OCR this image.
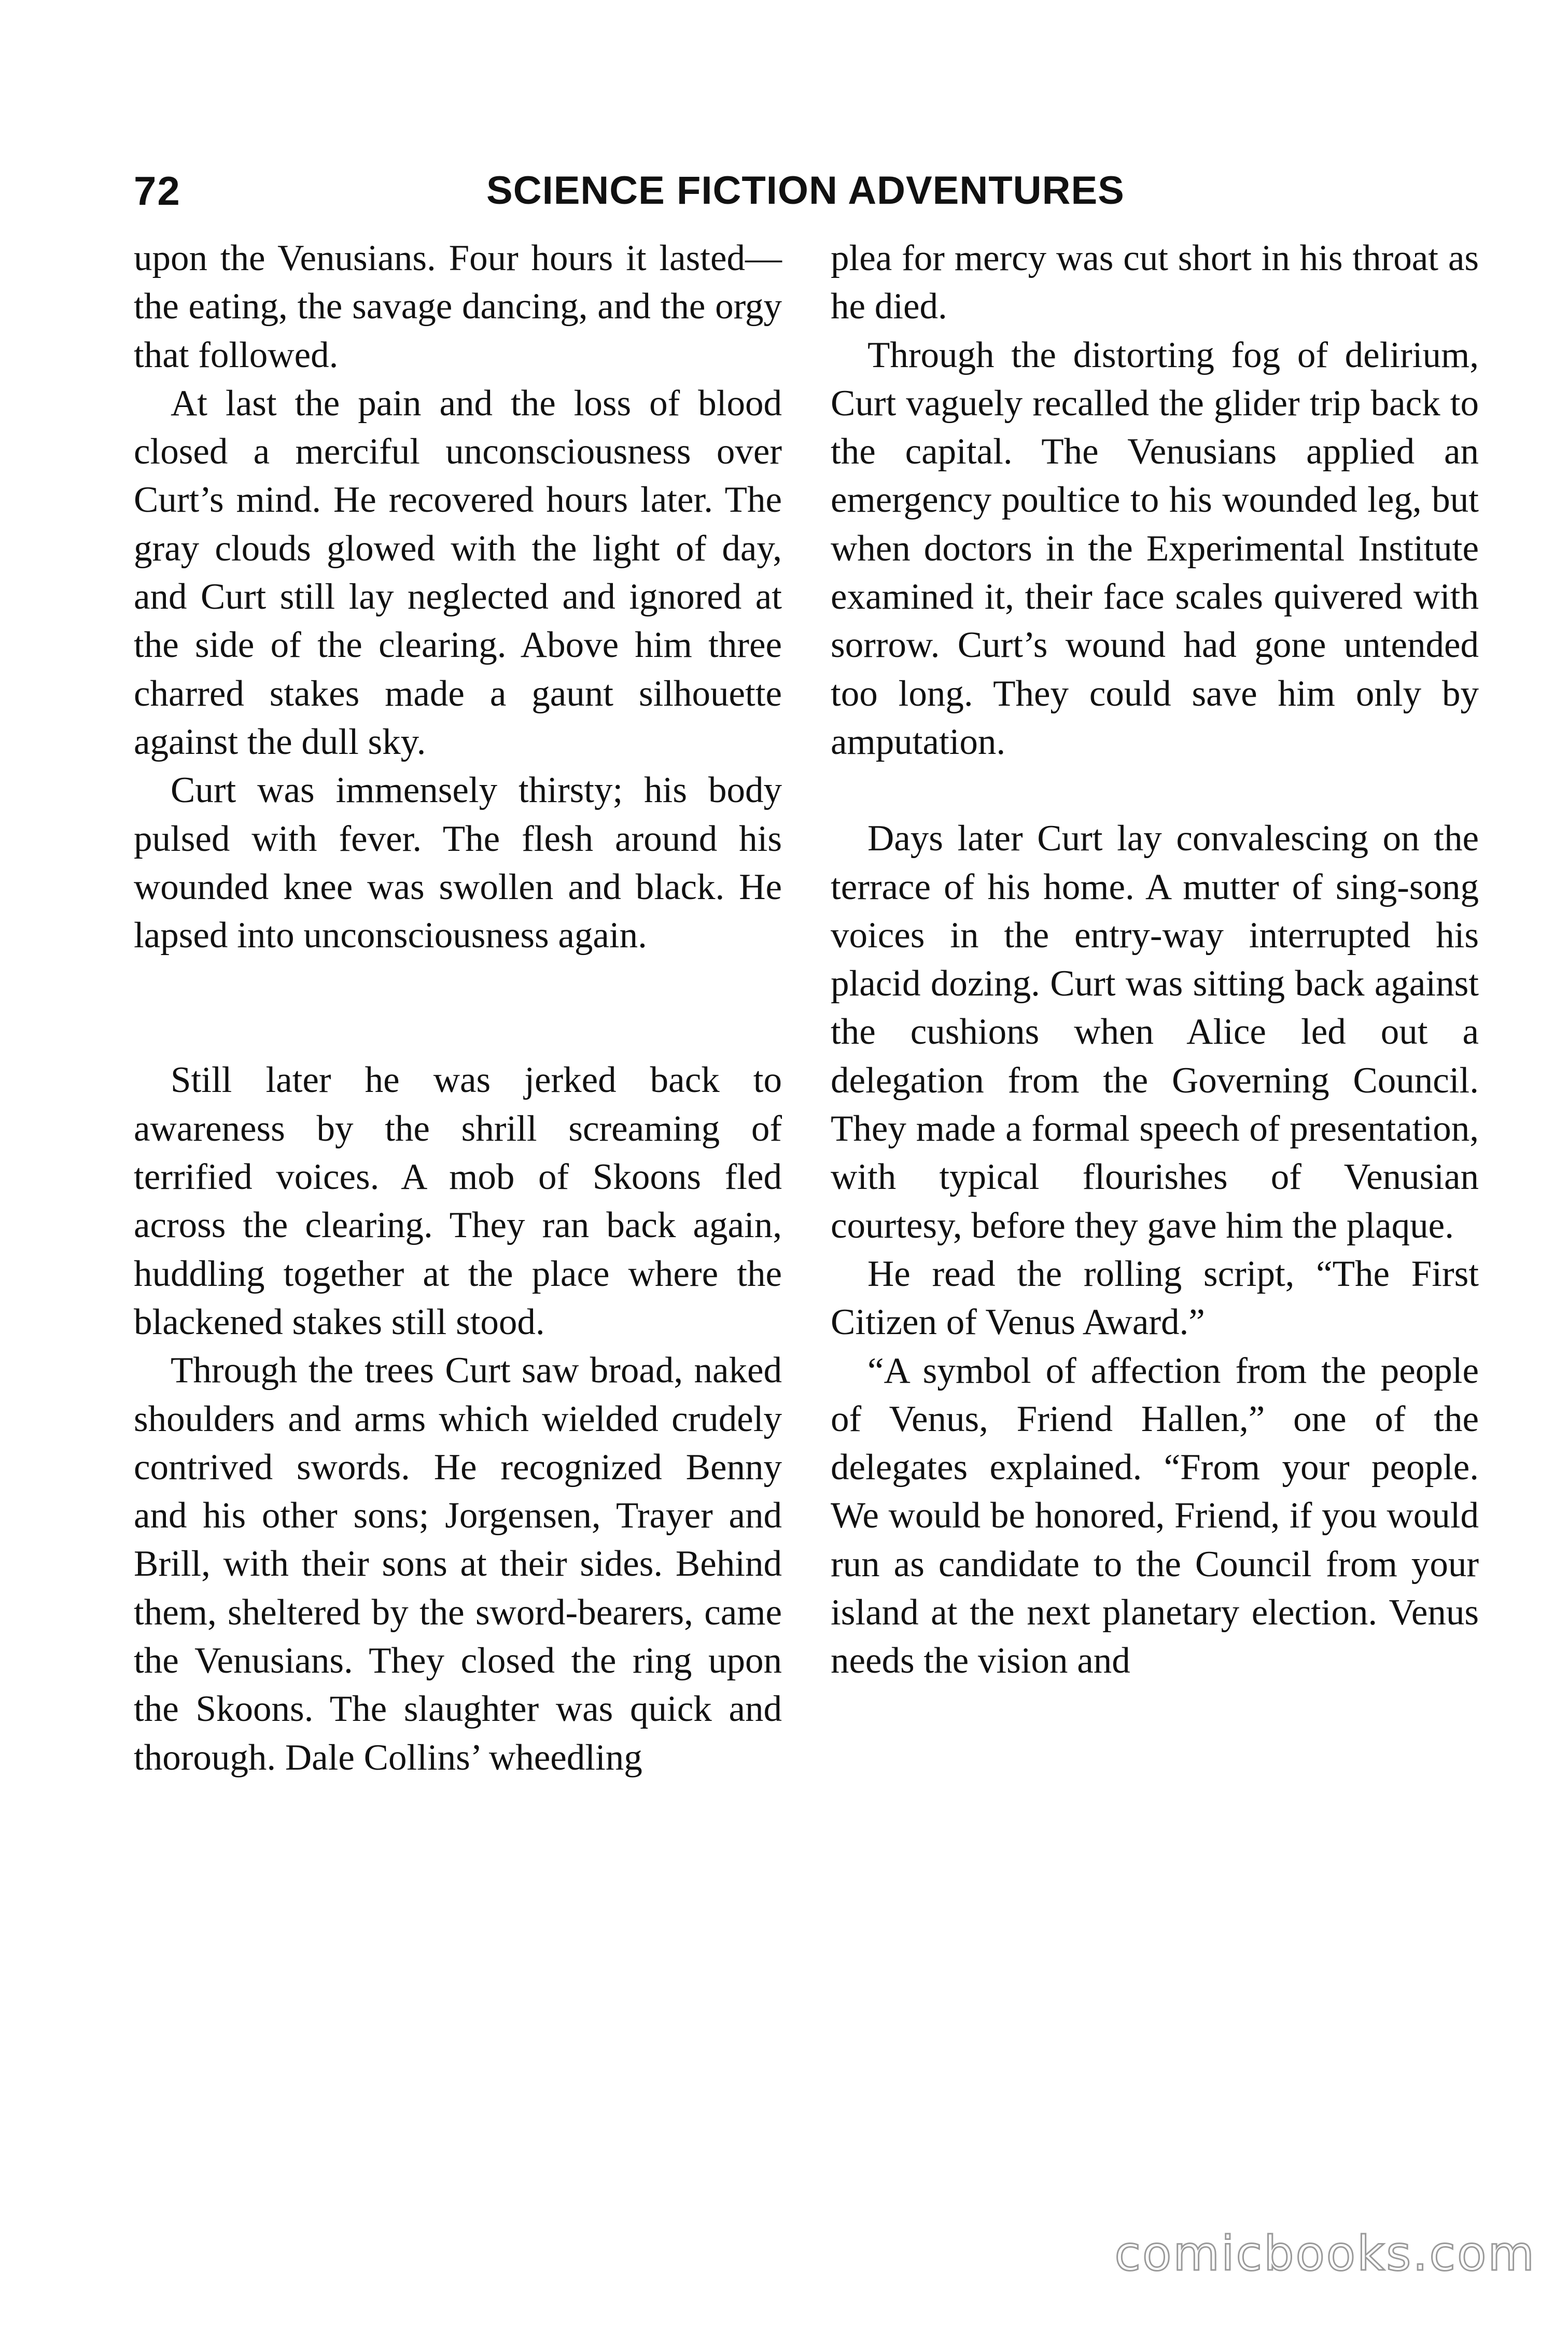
72	SCIENCE FICTION ADVENTURES

upon the Venusians. Four hours it lasted—the eating, the savage dancing, and the orgy that followed.

At last the pain and the loss of blood closed a merciful unconsciousness over Curt’s mind. He recovered hours later. The gray clouds glowed with the light of day, and Curt still lay neglected and ignored at the side of the clearing. Above him three charred stakes made a gaunt silhouette against the dull sky.

Curt was immensely thirsty; his body pulsed with fever. The flesh around his wounded knee was swollen and black. He lapsed into unconsciousness again.

Still later he was jerked back to awareness by the shrill screaming of terrified voices. A mob of Skoons fled across the clearing. They ran back again, huddling together at the place where the blackened stakes still stood.

Through the trees Curt saw broad, naked shoulders and arms which wielded crudely contrived swords. He recognized Benny and his other sons; Jorgensen, Trayer and Brill, with their sons at their sides. Behind them, sheltered by the sword-bearers, came the Venusians. They closed the ring upon the Skoons. The slaughter was quick and thorough. Dale Collins’ wheedling

plea for mercy was cut short in his throat as he died.

Through the distorting fog of delirium, Curt vaguely recalled the glider trip back to the capital. The Venusians applied an emergency poultice to his wounded leg, but when doctors in the Experimental Institute examined it, their face scales quivered with sorrow. Curt’s wound had gone untended too long. They could save him only by amputation.

Days later Curt lay convalescing on the terrace of his home. A mutter of sing-song voices in the entry-way interrupted his placid dozing. Curt was sitting back against the cushions when Alice led out a delegation from the Governing Council. They made a formal speech of presentation, with typical flourishes of Venusian courtesy, before they gave him the plaque.

He read the rolling script, “The First Citizen of Venus Award.”

“A symbol of affection from the people of Venus, Friend Hallen,” one of the delegates explained. “From your people. We would be honored, Friend, if you would run as candidate to the Council from your island at the next planetary election. Venus needs the vision and

comicbooks.com
